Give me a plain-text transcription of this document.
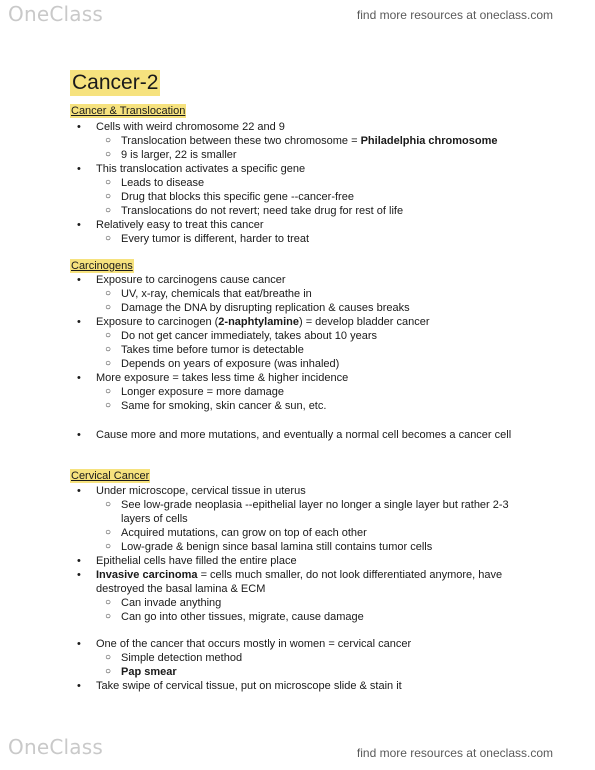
OneClass	find more resources at oneclass.com
Cancer-2
Cancer & Translocation
• Cells with weird chromosome 22 and 9
○ Translocation between these two chromosome = Philadelphia chromosome
○ 9 is larger, 22 is smaller
• This translocation activates a specific gene
○ Leads to disease
○ Drug that blocks this specific gene --cancer-free
○ Translocations do not revert; need take drug for rest of life
• Relatively easy to treat this cancer
○ Every tumor is different, harder to treat
Carcinogens
• Exposure to carcinogens cause cancer
○ UV, x-ray, chemicals that eat/breathe in
○ Damage the DNA by disrupting replication & causes breaks
• Exposure to carcinogen (2-naphtylamine) = develop bladder cancer
○ Do not get cancer immediately, takes about 10 years
○ Takes time before tumor is detectable
○ Depends on years of exposure (was inhaled)
• More exposure = takes less time & higher incidence
○ Longer exposure = more damage
○ Same for smoking, skin cancer & sun, etc.
• Cause more and more mutations, and eventually a normal cell becomes a cancer cell
Cervical Cancer
• Under microscope, cervical tissue in uterus
○ See low-grade neoplasia --epithelial layer no longer a single layer but rather 2-3 layers of cells
○ Acquired mutations, can grow on top of each other
○ Low-grade & benign since basal lamina still contains tumor cells
• Epithelial cells have filled the entire place
• Invasive carcinoma = cells much smaller, do not look differentiated anymore, have destroyed the basal lamina & ECM
○ Can invade anything
○ Can go into other tissues, migrate, cause damage
• One of the cancer that occurs mostly in women = cervical cancer
○ Simple detection method
○ Pap smear
• Take swipe of cervical tissue, put on microscope slide & stain it
OneClass	find more resources at oneclass.com
